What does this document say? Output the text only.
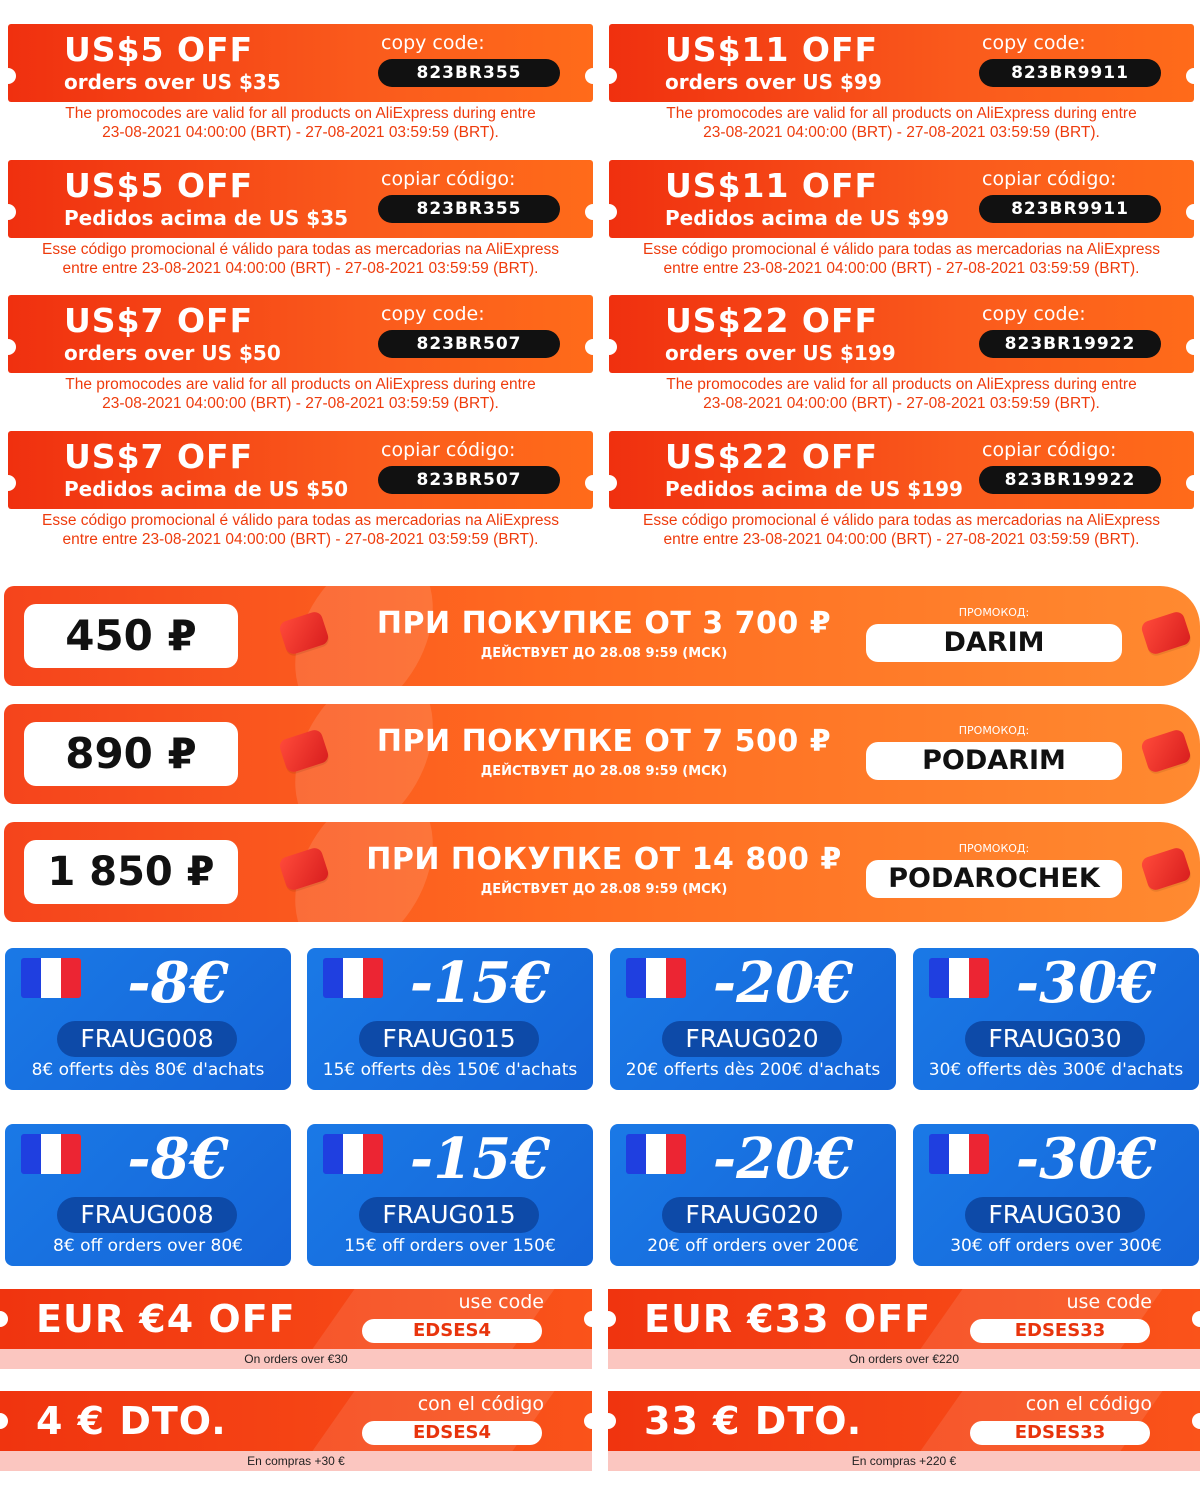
US$5 OFF
orders over US $35
copy code:
823BR355
The promocodes are valid for all products on AliExpress during entre
23-08-2021 04:00:00 (BRT) - 27-08-2021 03:59:59 (BRT).
US$11 OFF
orders over US $99
copy code:
823BR9911
The promocodes are valid for all products on AliExpress during entre
23-08-2021 04:00:00 (BRT) - 27-08-2021 03:59:59 (BRT).
US$5 OFF
Pedidos acima de US $35
copiar código:
823BR355
Esse código promocional é válido para todas as mercadorias na AliExpress
entre entre 23-08-2021 04:00:00 (BRT) - 27-08-2021 03:59:59 (BRT).
US$11 OFF
Pedidos acima de US $99
copiar código:
823BR9911
Esse código promocional é válido para todas as mercadorias na AliExpress
entre entre 23-08-2021 04:00:00 (BRT) - 27-08-2021 03:59:59 (BRT).
US$7 OFF
orders over US $50
copy code:
823BR507
The promocodes are valid for all products on AliExpress during entre
23-08-2021 04:00:00 (BRT) - 27-08-2021 03:59:59 (BRT).
US$22 OFF
orders over US $199
copy code:
823BR19922
The promocodes are valid for all products on AliExpress during entre
23-08-2021 04:00:00 (BRT) - 27-08-2021 03:59:59 (BRT).
US$7 OFF
Pedidos acima de US $50
copiar código:
823BR507
Esse código promocional é válido para todas as mercadorias na AliExpress
entre entre 23-08-2021 04:00:00 (BRT) - 27-08-2021 03:59:59 (BRT).
US$22 OFF
Pedidos acima de US $199
copiar código:
823BR19922
Esse código promocional é válido para todas as mercadorias na AliExpress
entre entre 23-08-2021 04:00:00 (BRT) - 27-08-2021 03:59:59 (BRT).
450 ₽	ПРИ ПОКУПКЕ ОТ 3 700 ₽
ДЕЙСТВУЕТ ДО 28.08 9:59 (МСК)
ПРОМОКОД:
DARIM
890 ₽	ПРИ ПОКУПКЕ ОТ 7 500 ₽
ДЕЙСТВУЕТ ДО 28.08 9:59 (МСК)
ПРОМОКОД:
PODARIM
1 850 ₽	ПРИ ПОКУПКЕ ОТ 14 800 ₽
ДЕЙСТВУЕТ ДО 28.08 9:59 (МСК)
ПРОМОКОД:
PODAROCHEK
-8€
FRAUG008
8€ offerts dès 80€ d'achats
-15€
FRAUG015
15€ offerts dès 150€ d'achats
-20€
FRAUG020
20€ offerts dès 200€ d'achats
-30€
FRAUG030
30€ offerts dès 300€ d'achats
-8€
FRAUG008
8€ off orders over 80€
-15€
FRAUG015
15€ off orders over 150€
-20€
FRAUG020
20€ off orders over 200€
-30€
FRAUG030
30€ off orders over 300€
EUR €4 OFF	use code
EDSES4
On orders over €30
EUR €33 OFF	use code
EDSES33
On orders over €220
4 € DTO.	con el código
EDSES4
En compras +30 €
33 € DTO.	con el código
EDSES33
En compras +220 €
